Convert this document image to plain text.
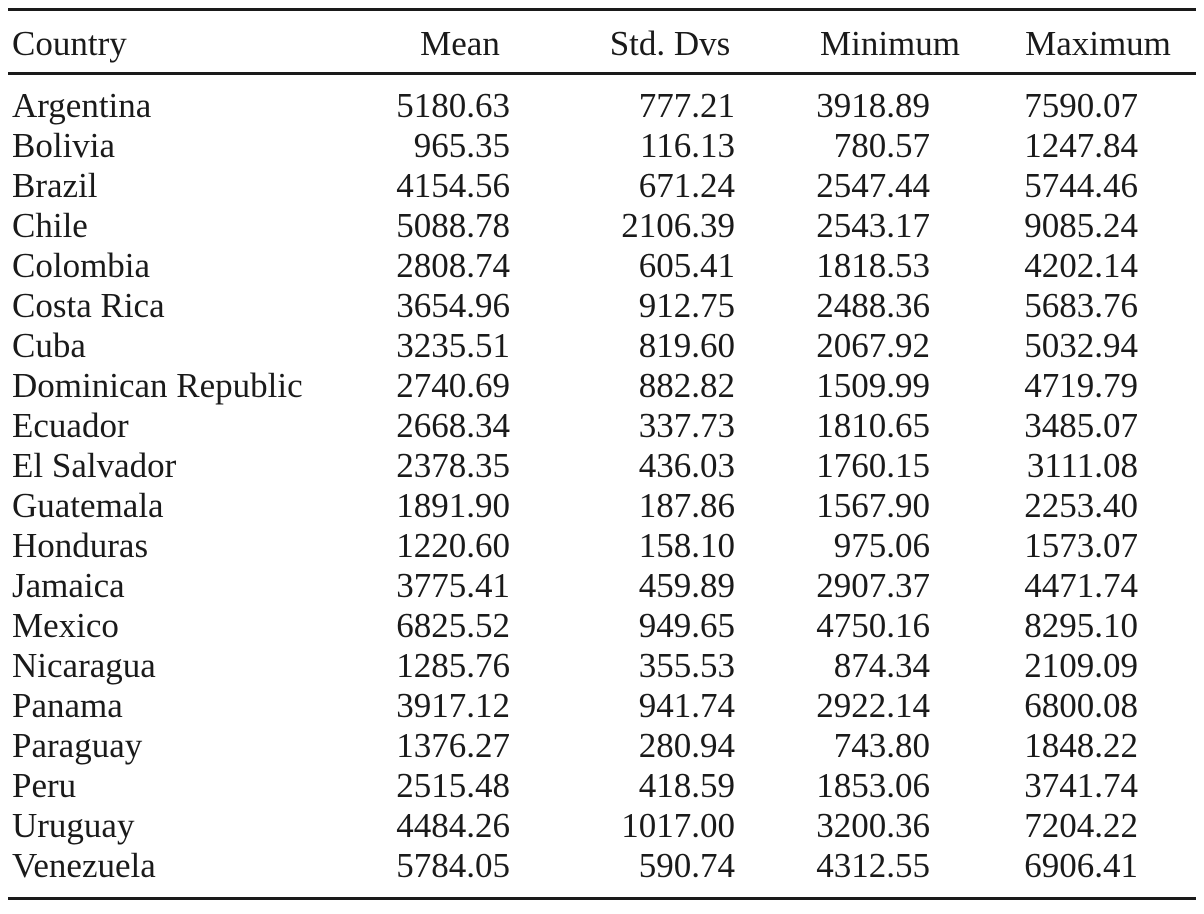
Country	Mean	Std. Dvs	Minimum	Maximum
Argentina	5180.63	777.21	3918.89	7590.07
Bolivia	965.35	116.13	780.57	1247.84
Brazil	4154.56	671.24	2547.44	5744.46
Chile	5088.78	2106.39	2543.17	9085.24
Colombia	2808.74	605.41	1818.53	4202.14
Costa Rica	3654.96	912.75	2488.36	5683.76
Cuba	3235.51	819.60	2067.92	5032.94
Dominican Republic	2740.69	882.82	1509.99	4719.79
Ecuador	2668.34	337.73	1810.65	3485.07
El Salvador	2378.35	436.03	1760.15	3111.08
Guatemala	1891.90	187.86	1567.90	2253.40
Honduras	1220.60	158.10	975.06	1573.07
Jamaica	3775.41	459.89	2907.37	4471.74
Mexico	6825.52	949.65	4750.16	8295.10
Nicaragua	1285.76	355.53	874.34	2109.09
Panama	3917.12	941.74	2922.14	6800.08
Paraguay	1376.27	280.94	743.80	1848.22
Peru	2515.48	418.59	1853.06	3741.74
Uruguay	4484.26	1017.00	3200.36	7204.22
Venezuela	5784.05	590.74	4312.55	6906.41
